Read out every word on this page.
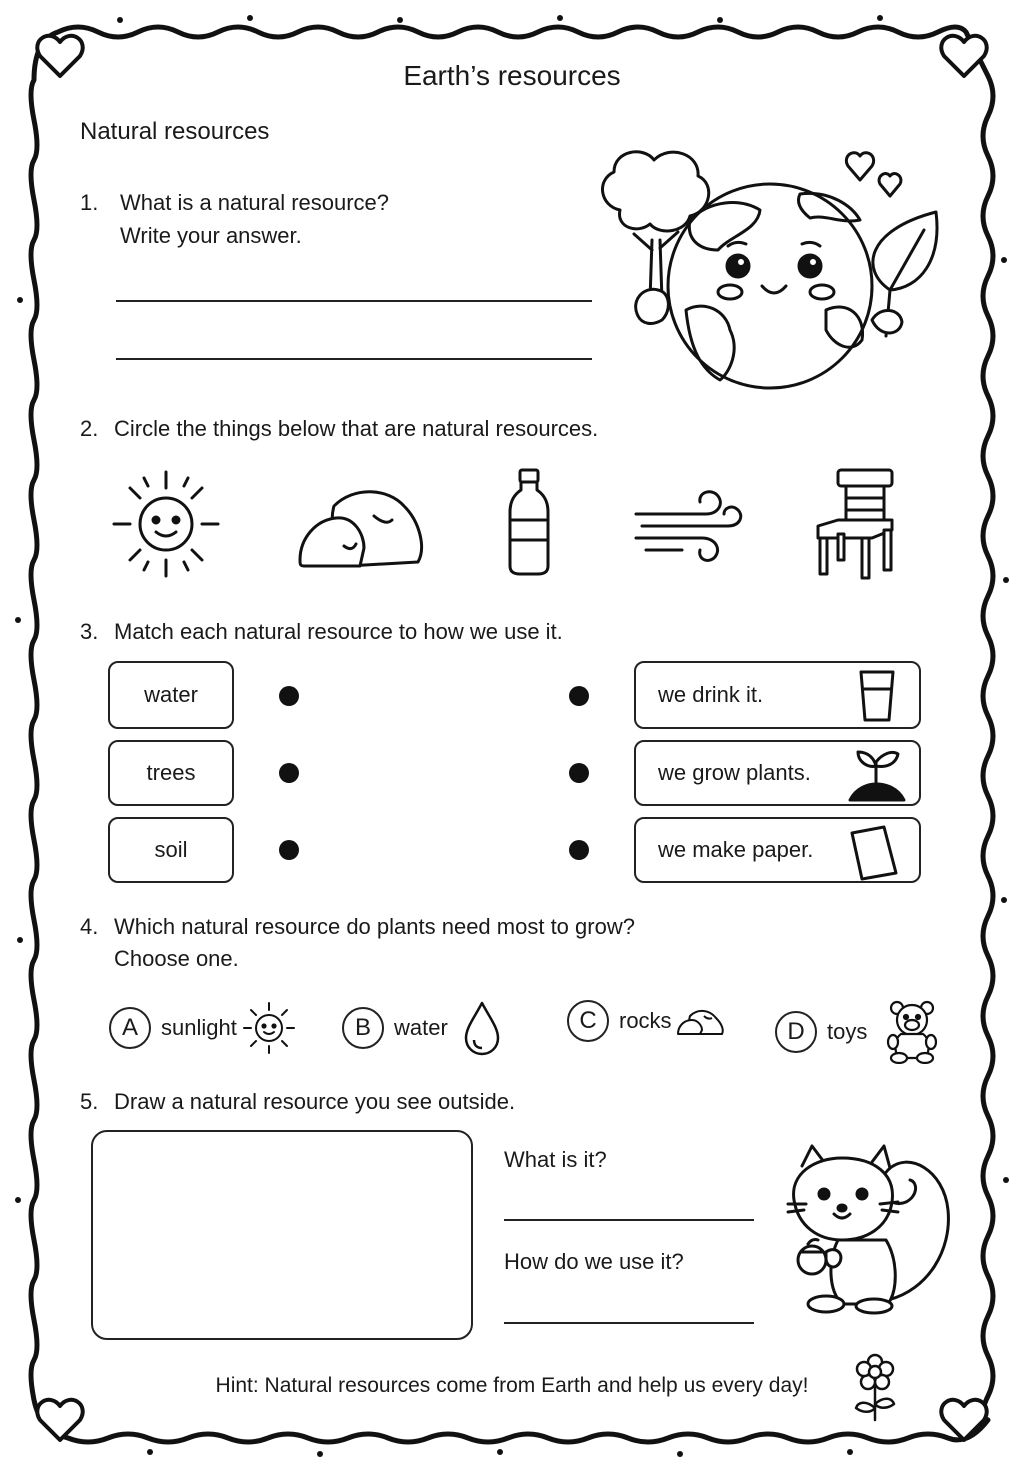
Earth’s resources
Natural resources
1. What is a natural resource?
Write your answer.
2. Circle the things below that are natural resources.
3. Match each natural resource to how we use it.
water
trees
soil
we drink it.
we grow plants.
we make paper.
4. Which natural resource do plants need most to grow?
Choose one.
A	sunlight	B	water	C	rocks	D	toys
5. Draw a natural resource you see outside.
What is it?
How do we use it?
Hint: Natural resources come from Earth and help us every day!
